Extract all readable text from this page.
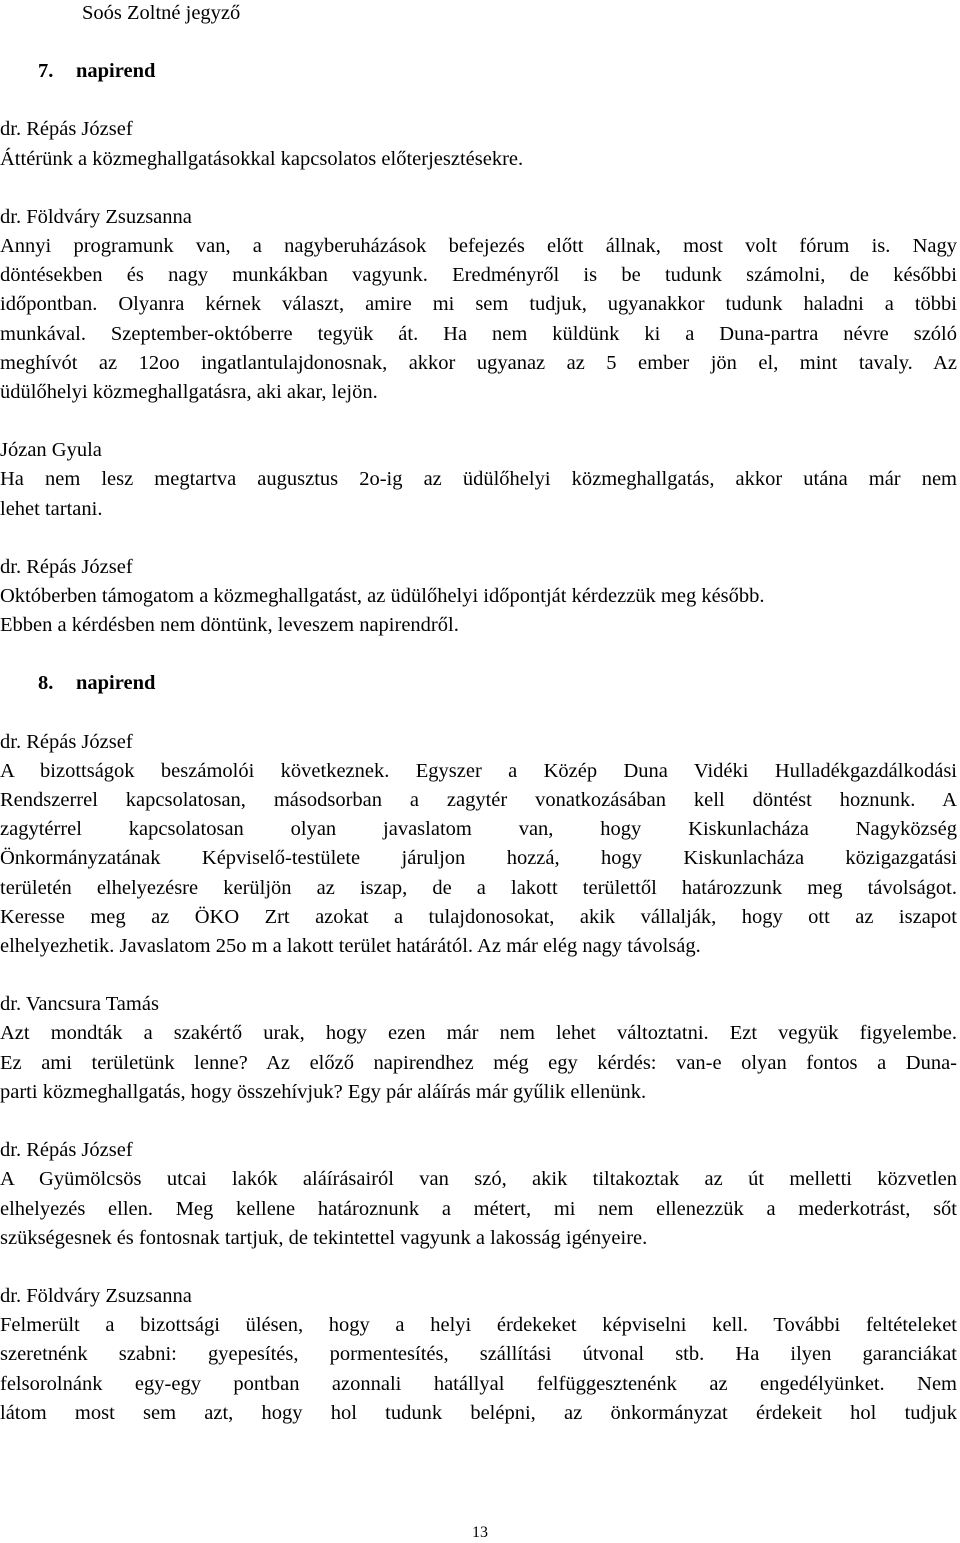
Soós Zoltné jegyző
7. napirend
dr. Répás József
Áttérünk a közmeghallgatásokkal kapcsolatos előterjesztésekre.
dr. Földváry Zsuzsanna
Annyi programunk van, a nagyberuházások befejezés előtt állnak, most volt fórum is. Nagy
döntésekben és nagy munkákban vagyunk. Eredményről is be tudunk számolni, de későbbi
időpontban. Olyanra kérnek választ, amire mi sem tudjuk, ugyanakkor tudunk haladni a többi
munkával. Szeptember-októberre tegyük át. Ha nem küldünk ki a Duna-partra névre szóló
meghívót az 12oo ingatlantulajdonosnak, akkor ugyanaz az 5 ember jön el, mint tavaly. Az
üdülőhelyi közmeghallgatásra, aki akar, lejön.
Józan Gyula
Ha nem lesz megtartva augusztus 2o-ig az üdülőhelyi közmeghallgatás, akkor utána már nem
lehet tartani.
dr. Répás József
Októberben támogatom a közmeghallgatást, az üdülőhelyi időpontját kérdezzük meg később.
Ebben a kérdésben nem döntünk, leveszem napirendről.
8. napirend
dr. Répás József
A bizottságok beszámolói következnek. Egyszer a Közép Duna Vidéki Hulladékgazdálkodási
Rendszerrel kapcsolatosan, másodsorban a zagytér vonatkozásában kell döntést hoznunk. A
zagytérrel kapcsolatosan olyan javaslatom van, hogy Kiskunlacháza Nagyközség
Önkormányzatának Képviselő-testülete járuljon hozzá, hogy Kiskunlacháza közigazgatási
területén elhelyezésre kerüljön az iszap, de a lakott területtől határozzunk meg távolságot.
Keresse meg az ÖKO Zrt azokat a tulajdonosokat, akik vállalják, hogy ott az iszapot
elhelyezhetik. Javaslatom 25o m a lakott terület határától. Az már elég nagy távolság.
dr. Vancsura Tamás
Azt mondták a szakértő urak, hogy ezen már nem lehet változtatni. Ezt vegyük figyelembe.
Ez ami területünk lenne? Az előző napirendhez még egy kérdés: van-e olyan fontos a Duna-
parti közmeghallgatás, hogy összehívjuk? Egy pár aláírás már gyűlik ellenünk.
dr. Répás József
A Gyümölcsös utcai lakók aláírásairól van szó, akik tiltakoztak az út melletti közvetlen
elhelyezés ellen. Meg kellene határoznunk a métert, mi nem ellenezzük a mederkotrást, sőt
szükségesnek és fontosnak tartjuk, de tekintettel vagyunk a lakosság igényeire.
dr. Földváry Zsuzsanna
Felmerült a bizottsági ülésen, hogy a helyi érdekeket képviselni kell. További feltételeket
szeretnénk szabni: gyepesítés, pormentesítés, szállítási útvonal stb. Ha ilyen garanciákat
felsorolnánk egy-egy pontban azonnali hatállyal felfüggesztenénk az engedélyünket. Nem
látom most sem azt, hogy hol tudunk belépni, az önkormányzat érdekeit hol tudjuk
13
